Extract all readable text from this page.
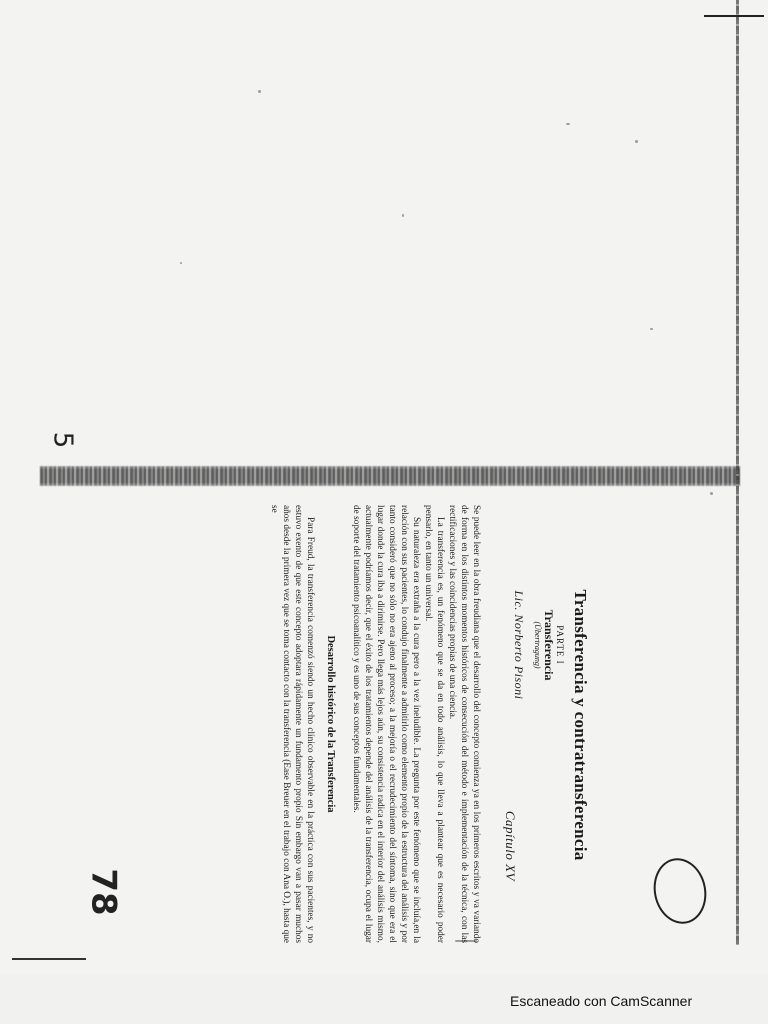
Capítulo XV	Transferencia y contratransferencia
PARTE I
Transferencia
(Übertragung)
Lic. Norberto Pisoni

Se puede leer en la obra freudiana que el desarrollo del concepto comienza ya en los primeros escritos y va variando de forma en los distintos momentos históricos de consecución del método e implementación de la técnica, con las rectificaciones y las coincidencias propias de una ciencia.

La transferencia es, un fenómeno que se da en todo análisis, lo que lleva a plantear que es necesario poder pensarlo, en tanto un universal.

Su naturaleza era extraña a la cura pero a la vez ineludible. La pregunta por este fenómeno que se incluía,en la relación con sus pacientes, lo condujo finalmente a admitirlo como elemento propio de la estructura del análisis y por tanto consideró que no sólo no era ajeno al proceso; a la mejoría o el recrudecimiento del síntoma, sino que era el lugar donde la cura iba a dirimirse. Pero llega más lejos aún, su consistencia radica en el interior del análisis mismo, actualmente podríamos decir, que el éxito de los tratamientos depende del análisis de la transferencia, ocupa el lugar de soporte del tratamiento psicoanalítico y es uno de sus conceptos fundamentales.

Desarrollo histórico de la Transferencia

Para Freud, la transferencia comenzó siendo un hecho clínico observable en la práctica con sus pacientes, y no estuvo exento de que este concepto adoptara rápidamente un fundamento propio Sin embargo van a pasar muchos años desde la primera vez que se toma contacto con la transferencia (Ease Breuer en el trabajo con Ana O.), hasta que se

5
78
Escaneado con CamScanner
